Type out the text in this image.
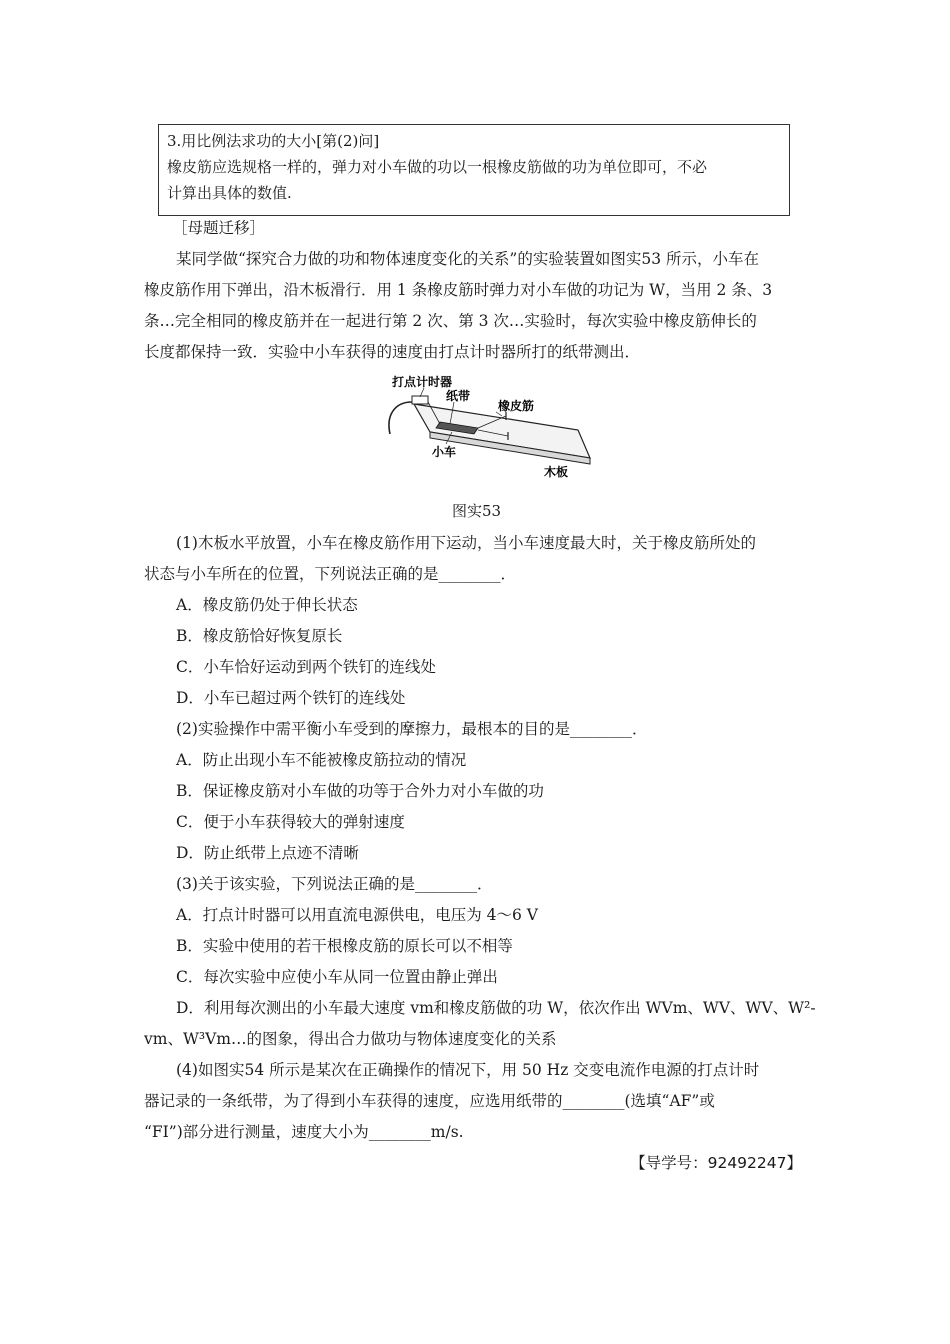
3.用比例法求功的大小[第(2)问]
橡皮筋应选规格一样的，弹力对小车做的功以一根橡皮筋做的功为单位即可，不必
计算出具体的数值.
［母题迁移］
某同学做“探究合力做的功和物体速度变化的关系”的实验装置如图实53 所示，小车在
橡皮筋作用下弹出，沿木板滑行．用 1 条橡皮筋时弹力对小车做的功记为 W，当用 2 条、3
条…完全相同的橡皮筋并在一起进行第 2 次、第 3 次…实验时，每次实验中橡皮筋伸长的
长度都保持一致．实验中小车获得的速度由打点计时器所打的纸带测出．
打点计时器
纸带
橡皮筋
小车
木板
图实53
(1)木板水平放置，小车在橡皮筋作用下运动，当小车速度最大时，关于橡皮筋所处的
状态与小车所在的位置，下列说法正确的是________．
A．橡皮筋仍处于伸长状态
B．橡皮筋恰好恢复原长
C．小车恰好运动到两个铁钉的连线处
D．小车已超过两个铁钉的连线处
(2)实验操作中需平衡小车受到的摩擦力，最根本的目的是________．
A．防止出现小车不能被橡皮筋拉动的情况
B．保证橡皮筋对小车做的功等于合外力对小车做的功
C．便于小车获得较大的弹射速度
D．防止纸带上点迹不清晰
(3)关于该实验，下列说法正确的是________．
A．打点计时器可以用直流电源供电，电压为 4～6 V
B．实验中使用的若干根橡皮筋的原长可以不相等
C．每次实验中应使小车从同一位置由静止弹出
D．利用每次测出的小车最大速度 vm和橡皮筋做的功 W，依次作出 WVm、WV、WV、W²-
vm、W³Vm…的图象，得出合力做功与物体速度变化的关系
(4)如图实54 所示是某次在正确操作的情况下，用 50 Hz 交变电流作电源的打点计时
器记录的一条纸带，为了得到小车获得的速度，应选用纸带的________(选填“AF”或
“FI”)部分进行测量，速度大小为________m/s.
【导学号：92492247】
